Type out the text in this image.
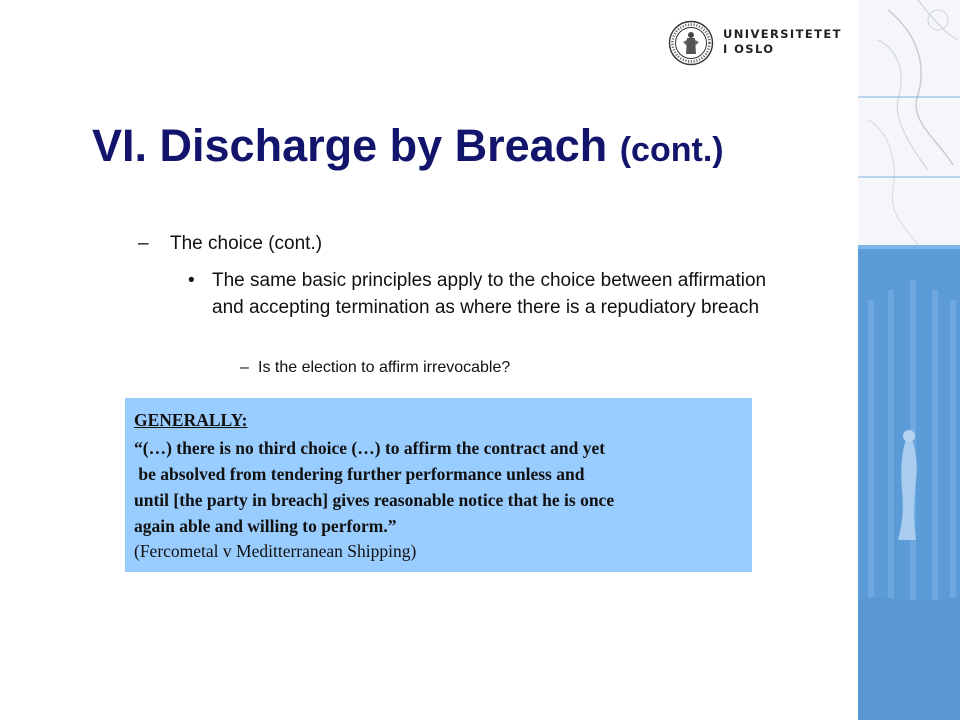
UNIVERSITETET
I OSLO
VI. Discharge by Breach (cont.)
– The choice (cont.)
• The same basic principles apply to the choice between affirmation and accepting termination as where there is a repudiatory breach
– Is the election to affirm irrevocable?
GENERALLY:
“(…) there is no third choice (…) to affirm the contract and yet
be absolved from tendering further performance unless and
until [the party in breach] gives reasonable notice that he is once
again able and willing to perform.”
(Fercometal v Meditterranean Shipping)
